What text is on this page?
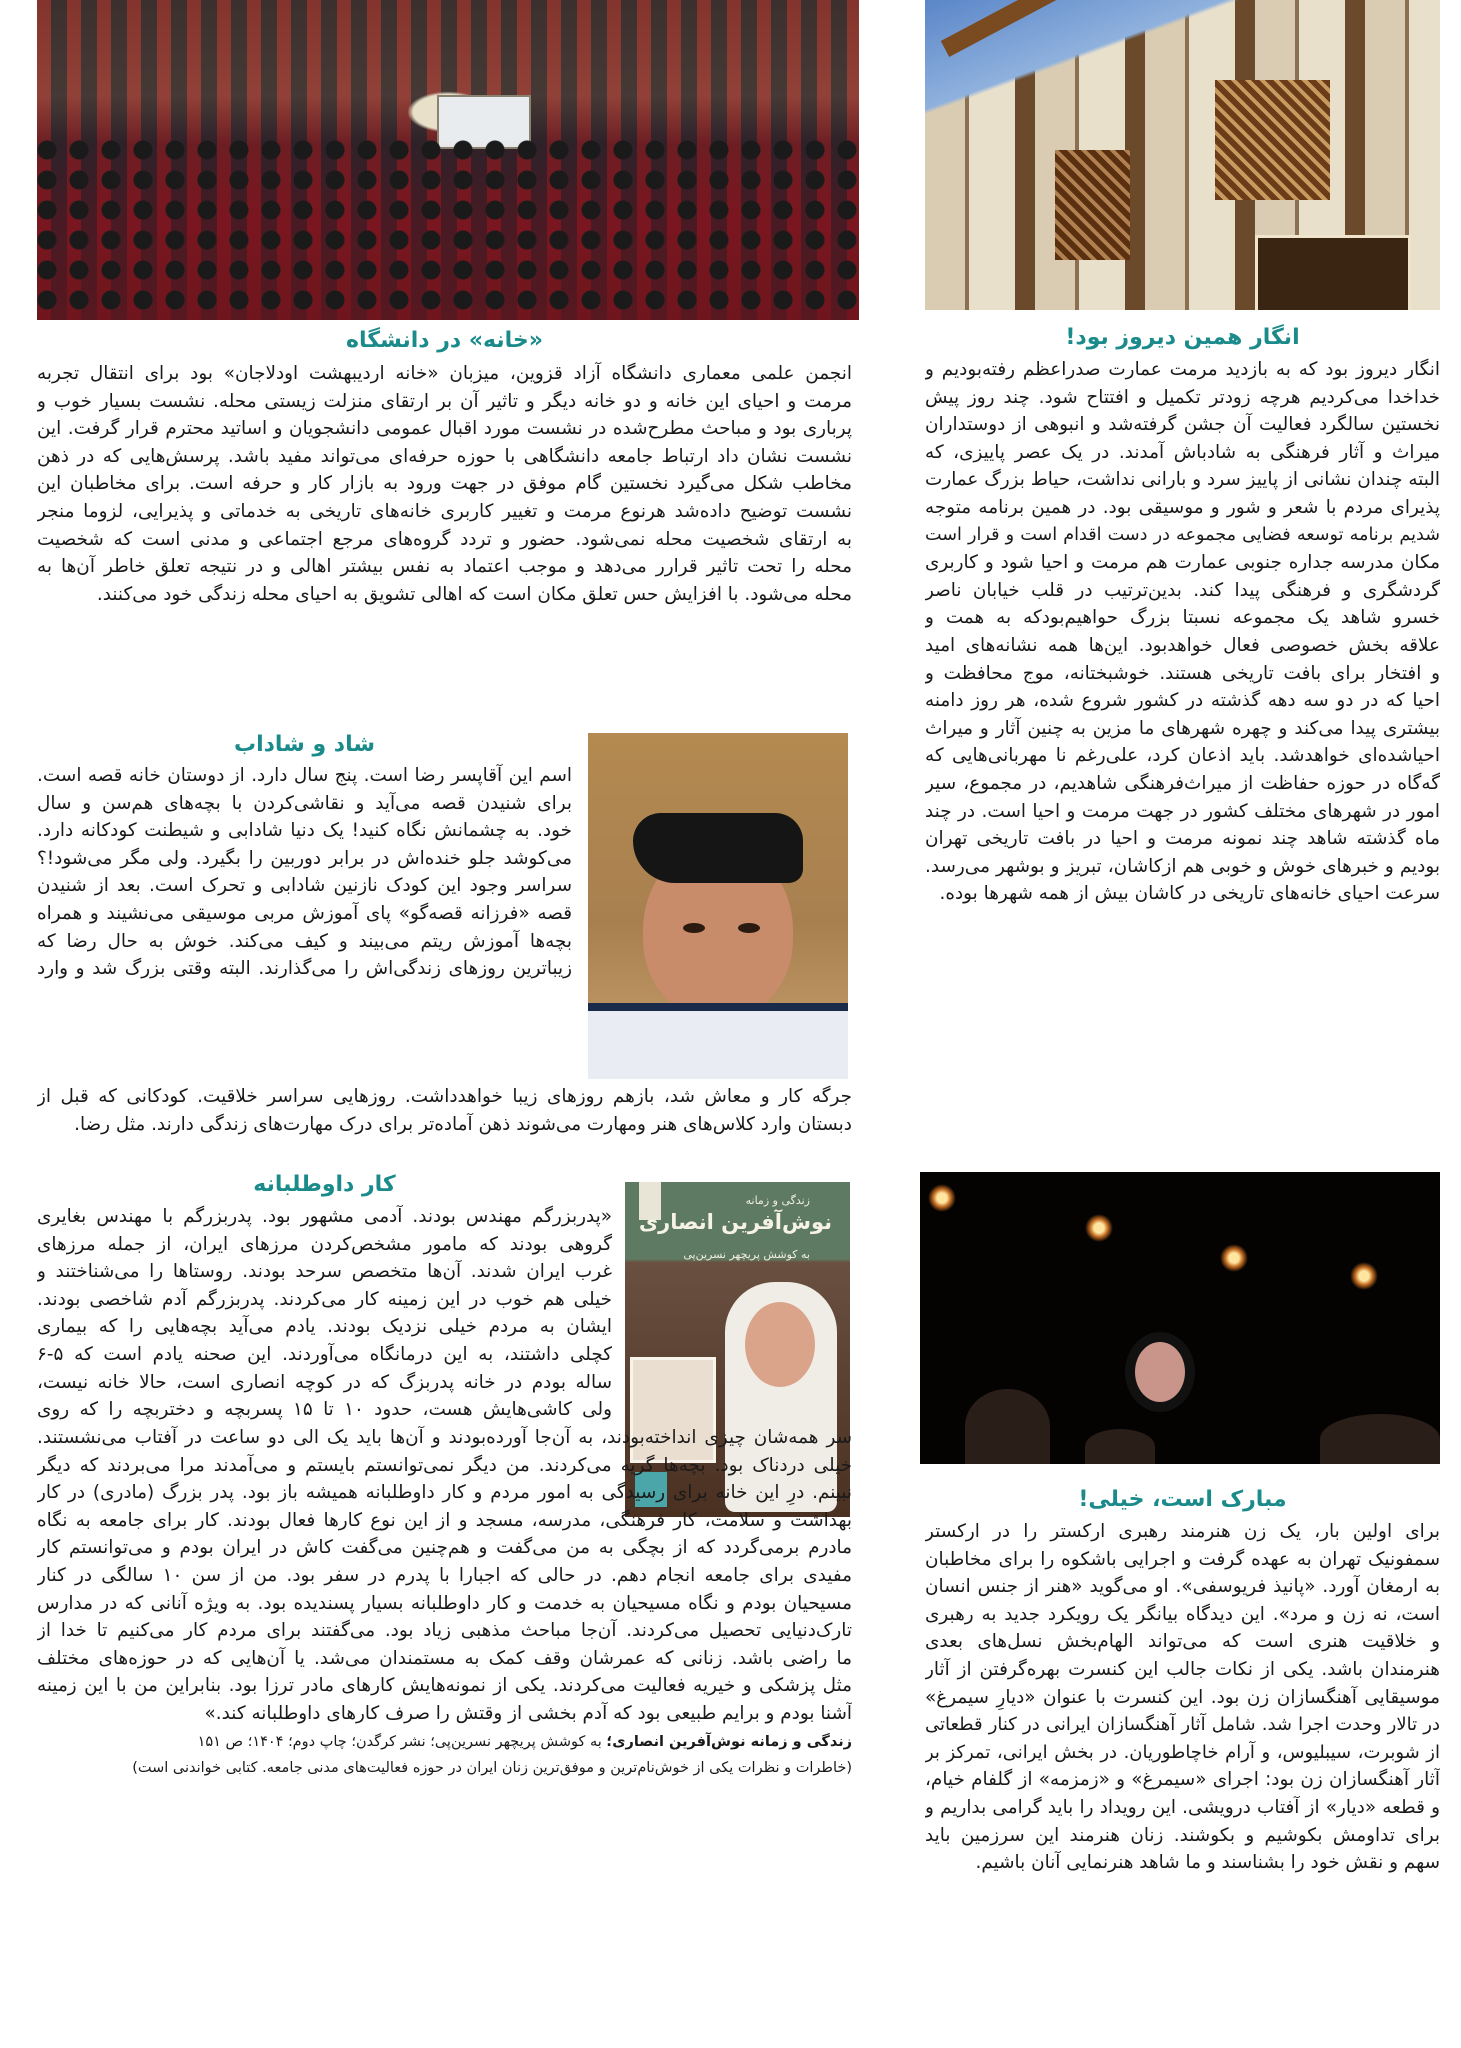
زندگی و زمانه
نوش‌آفرین انصاری
به کوشش پریچهر نسرین‌پی
انگار همین دیروز بود!
انگار دیروز بود که به بازدید مرمت عمارت صدراعظم رفته‌بودیم و
خداخدا می‌کردیم هرچه زودتر تکمیل و افتتاح شود. چند روز پیش
نخستین سالگرد فعالیت آن جشن گرفته‌شد و انبوهی از دوستداران
میراث و آثار فرهنگی به شادباش آمدند. در یک عصر پاییزی، که
البته چندان نشانی از پاییز سرد و بارانی نداشت، حیاط بزرگ عمارت
پذیرای مردم با شعر و شور و موسیقی بود. در همین برنامه متوجه
شدیم برنامه توسعه فضایی مجموعه در دست اقدام است و قرار است
مکان مدرسه جداره جنوبی عمارت هم مرمت و احیا شود و کاربری
گردشگری و فرهنگی پیدا کند. بدین‌ترتیب در قلب خیابان ناصر
خسرو شاهد یک مجموعه نسبتا بزرگ حواهیم‌بودکه به همت و
علاقه بخش خصوصی فعال خواهدبود. این‌ها همه نشانه‌های امید
و افتخار برای بافت تاریخی هستند. خوشبختانه، موج محافظت و
احیا که در دو سه دهه گذشته در کشور شروع شده، هر روز دامنه
بیشتری پیدا می‌کند و چهره شهرهای ما مزین به چنین آثار و میراث
احیاشده‌ای خواهدشد. باید اذعان کرد، علی‌رغم نا مهربانی‌هایی که
گه‌گاه در حوزه حفاظت از میراث‌فرهنگی شاهدیم، در مجموع، سیر
امور در شهرهای مختلف کشور در جهت مرمت و احیا است. در چند
ماه گذشته شاهد چند نمونه مرمت و احیا در بافت تاریخی تهران
بودیم و خبرهای خوش و خوبی هم ازکاشان، تبریز و بوشهر می‌رسد.
سرعت احیای خانه‌های تاریخی در کاشان بیش از همه شهرها بوده.
مبارک است، خیلی!
برای اولین بار، یک زن هنرمند رهبری ارکستر را در ارکستر
سمفونیک تهران به عهده گرفت و اجرایی باشکوه را برای مخاطبان
به ارمغان آورد. «پانیذ فریوسفی». او می‌گوید «هنر از جنس انسان
است، نه زن و مرد». این دیدگاه بیانگر یک رویکرد جدید به رهبری
و خلاقیت هنری است که می‌تواند الهام‌بخش نسل‌های بعدی
هنرمندان باشد. یکی از نکات جالب این کنسرت بهره‌گرفتن از آثار
موسیقایی آهنگسازان زن بود. این کنسرت با عنوان «دیارِ سیمرغ»
در تالار وحدت اجرا شد. شامل آثار آهنگسازان ایرانی در کنار قطعاتی
از شوبرت، سیبلیوس، و آرام خاچاطوریان. در بخش ایرانی، تمرکز بر
آثار آهنگسازان زن بود: اجرای «سیمرغ» و «زمزمه» از گلفام خیام،
و قطعه «دیار» از آفتاب درویشی. این رویداد را باید گرامی بداریم و
برای تداومش بکوشیم و بکوشند. زنان هنرمند این سرزمین باید
سهم و نقش خود را بشناسند و ما شاهد هنرنمایی آنان باشیم.
«خانه» در دانشگاه
انجمن علمی معماری دانشگاه آزاد قزوین، میزبان «خانه اردیبهشت اودلاجان» بود برای انتقال تجربه
مرمت و احیای این خانه و دو خانه دیگر و تاثیر آن بر ارتقای منزلت زیستی محله. نشست بسیار خوب و
پرباری بود و مباحث مطرح‌شده در نشست مورد اقبال عمومی دانشجویان و اساتید محترم قرار گرفت. این
نشست نشان داد ارتباط جامعه دانشگاهی با حوزه حرفه‌ای می‌تواند مفید باشد. پرسش‌هایی که در ذهن
مخاطب شکل می‌گیرد نخستین گام موفق در جهت ورود به بازار کار و حرفه است. برای مخاطبان این
نشست توضیح داده‌شد هرنوع مرمت و تغییر کاربری خانه‌های تاریخی به خدماتی و پذیرایی، لزوما منجر
به ارتقای شخصیت محله نمی‌شود. حضور و تردد گروه‌های مرجع اجتماعی و مدنی است که شخصیت
محله را تحت تاثیر قرارر می‌دهد و موجب اعتماد به نفس بیشتر اهالی و در نتیجه تعلق خاطر آن‌ها به
محله می‌شود. با افزایش حس تعلق مکان است که اهالی تشویق به احیای محله زندگی خود می‌کنند.
شاد و شاداب
اسم این آقاپسر رضا است. پنج سال دارد. از دوستان خانه قصه است.
برای شنیدن قصه می‌آید و نقاشی‌کردن با بچه‌های هم‌سن و سال
خود. به چشمانش نگاه کنید! یک دنیا شادابی و شیطنت کودکانه دارد.
می‌کوشد جلو خنده‌اش در برابر دوربین را بگیرد. ولی مگر می‌شود!؟
سراسر وجود این کودک نازنین شادابی و تحرک است. بعد از شنیدن
قصه «فرزانه قصه‌گو» پای آموزش مربی موسیقی می‌نشیند و همراه
بچه‌ها آموزش ریتم می‌بیند و کیف می‌کند. خوش به حال رضا که
زیباترین روزهای زندگی‌اش را می‌گذارند. البته وقتی بزرگ شد و وارد
جرگه کار و معاش شد، بازهم روزهای زیبا خواهدداشت. روزهایی سراسر خلاقیت. کودکانی که قبل از
دبستان وارد کلاس‌های هنر ومهارت می‌شوند ذهن آماده‌تر برای درک مهارت‌های زندگی دارند. مثل رضا.
کار داوطلبانه
«پدربزرگم مهندس بودند. آدمی مشهور بود. پدربزرگم با مهندس بغایری
گروهی بودند که مامور مشخص‌کردن مرزهای ایران، از جمله مرزهای
غرب ایران شدند. آن‌ها متخصص سرحد بودند. روستاها را می‌شناختند و
خیلی هم خوب در این زمینه کار می‌کردند. پدربزرگم آدم شاخصی بودند.
ایشان به مردم خیلی نزدیک بودند. یادم می‌آید بچه‌هایی را که بیماری
کچلی داشتند، به این درمانگاه می‌آوردند. این صحنه یادم است که ۵-۶
ساله بودم در خانه پدربزگ که در کوچه انصاری است، حالا خانه نیست،
ولی کاشی‌هایش هست، حدود ۱۰ تا ۱۵ پسربچه و دختربچه را که روی
سر همه‌شان چیزی انداخته‌بودند، به آن‌جا آورده‌بودند و آن‌ها باید یک الی دو ساعت در آفتاب می‌نشستند.
خیلی دردناک بود. بچه‌ها گریه می‌کردند. من دیگر نمی‌توانستم بایستم و می‌آمدند مرا می‌بردند که دیگر
نبینم. درِ این خانه برای رسیدگی به امور مردم و کار داوطلبانه همیشه باز بود. پدر بزرگ (مادری) در کار
بهداشت و سلامت، کار فرهنگی، مدرسه، مسجد و از این نوع کارها فعال بودند. کار برای جامعه به نگاه
مادرم برمی‌گردد که از بچگی به من می‌گفت و هم‌چنین می‌گفت کاش در ایران بودم و می‌توانستم کار
مفیدی برای جامعه انجام دهم. در حالی که اجبارا با پدرم در سفر بود. من از سن ۱۰ سالگی در کنار
مسیحیان بودم و نگاه مسیحیان به خدمت و کار داوطلبانه بسیار پسندیده بود. به ویژه آنانی که در مدارس
تارک‌دنیایی تحصیل می‌کردند. آن‌جا مباحث مذهبی زیاد بود. می‌گفتند برای مردم کار می‌کنیم تا خدا از
ما راضی باشد. زنانی که عمرشان وقف کمک به مستمندان می‌شد. یا آن‌هایی که در حوزه‌های مختلف
مثل پزشکی و خیریه فعالیت می‌کردند. یکی از نمونه‌هایش کارهای مادر ترزا بود. بنابراین من با این زمینه
آشنا بودم و برایم طبیعی بود که آدم بخشی از وقتش را صرف کارهای داوطلبانه کند.»
زندگی و زمانه نوش‌آفرین انصاری؛ به کوشش پریچهر نسرین‌پی؛ نشر کرگدن؛ چاپ دوم؛ ۱۴۰۴؛ ص ۱۵۱
(خاطرات و نظرات یکی از خوش‌نام‌ترین و موفق‌ترین زنان ایران در حوزه فعالیت‌های مدنی جامعه. کتابی خواندنی است)
